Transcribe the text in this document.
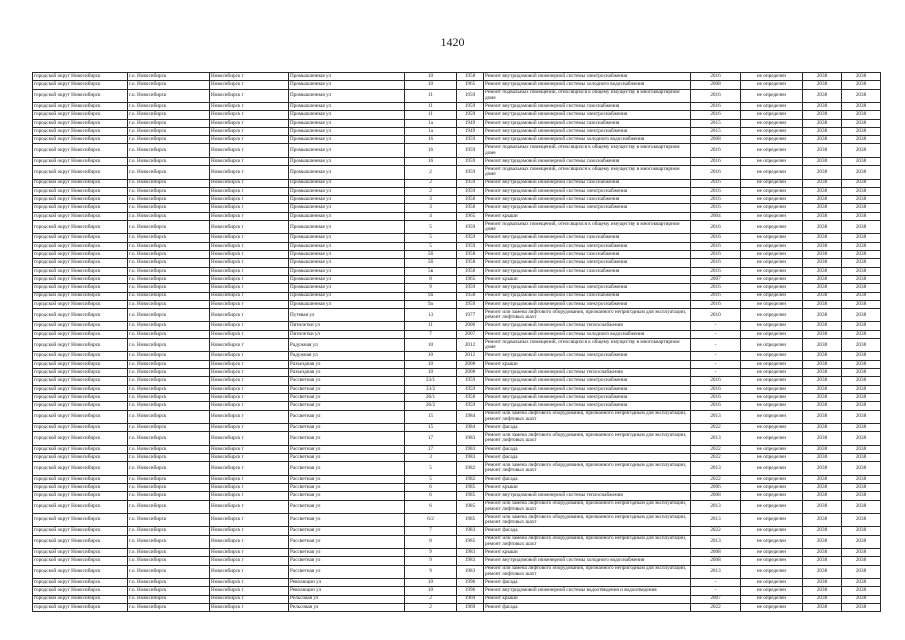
1420
городской округ Новосибирск	г.о. Новосибирск	Новосибирск г	Промышленная ул	10	1958	Ремонт внутридомовой инженерной системы электроснабжения	2016	не определен	2038	2038
городской округ Новосибирск	г.о. Новосибирск	Новосибирск г	Промышленная ул	10	1965	Ремонт внутридомовой инженерной системы холодного водоснабжения	2008	не определен	2038	2038
городской округ Новосибирск	г.о. Новосибирск	Новосибирск г	Промышленная ул	11	1959	Ремонт подвальных помещений, относящихся к общему имуществу в многоквартирном доме	2016	не определен	2038	2038
городской округ Новосибирск	г.о. Новосибирск	Новосибирск г	Промышленная ул	11	1959	Ремонт внутридомовой инженерной системы газоснабжения	2016	не определен	2038	2038
городской округ Новосибирск	г.о. Новосибирск	Новосибирск г	Промышленная ул	11	1959	Ремонт внутридомовой инженерной системы электроснабжения	2016	не определен	2038	2038
городской округ Новосибирск	г.о. Новосибирск	Новосибирск г	Промышленная ул	1а	1949	Ремонт внутридомовой инженерной системы газоснабжения	2015	не определен	2038	2038
городской округ Новосибирск	г.о. Новосибирск	Новосибирск г	Промышленная ул	1а	1949	Ремонт внутридомовой инженерной системы электроснабжения	2015	не определен	2038	2038
городской округ Новосибирск	г.о. Новосибирск	Новосибирск г	Промышленная ул	16	1959	Ремонт внутридомовой инженерной системы холодного водоснабжения	2008	не определен	2038	2038
городской округ Новосибирск	г.о. Новосибирск	Новосибирск г	Промышленная ул	16	1959	Ремонт подвальных помещений, относящихся к общему имуществу в многоквартирном доме	2016	не определен	2038	2038
городской округ Новосибирск	г.о. Новосибирск	Новосибирск г	Промышленная ул	16	1959	Ремонт внутридомовой инженерной системы газоснабжения	2016	не определен	2038	2038
городской округ Новосибирск	г.о. Новосибирск	Новосибирск г	Промышленная ул	2	1959	Ремонт подвальных помещений, относящихся к общему имуществу в многоквартирном доме	2016	не определен	2038	2038
городской округ Новосибирск	г.о. Новосибирск	Новосибирск г	Промышленная ул	2	1959	Ремонт внутридомовой инженерной системы газоснабжения	2016	не определен	2038	2038
городской округ Новосибирск	г.о. Новосибирск	Новосибирск г	Промышленная ул	2	1959	Ремонт внутридомовой инженерной системы электроснабжения	2016	не определен	2038	2038
городской округ Новосибирск	г.о. Новосибирск	Новосибирск г	Промышленная ул	3	1958	Ремонт внутридомовой инженерной системы газоснабжения	2016	не определен	2038	2038
городской округ Новосибирск	г.о. Новосибирск	Новосибирск г	Промышленная ул	3	1958	Ремонт внутридомовой инженерной системы электроснабжения	2016	не определен	2038	2038
городской округ Новосибирск	г.о. Новосибирск	Новосибирск г	Промышленная ул	4	1965	Ремонт крыши	2004	не определен	2038	2038
городской округ Новосибирск	г.о. Новосибирск	Новосибирск г	Промышленная ул	5	1959	Ремонт подвальных помещений, относящихся к общему имуществу в многоквартирном доме	2016	не определен	2038	2038
городской округ Новосибирск	г.о. Новосибирск	Новосибирск г	Промышленная ул	5	1959	Ремонт внутридомовой инженерной системы газоснабжения	2016	не определен	2038	2038
городской округ Новосибирск	г.о. Новосибирск	Новосибирск г	Промышленная ул	5	1959	Ремонт внутридомовой инженерной системы электроснабжения	2016	не определен	2038	2038
городской округ Новосибирск	г.о. Новосибирск	Новосибирск г	Промышленная ул	5б	1958	Ремонт внутридомовой инженерной системы газоснабжения	2016	не определен	2038	2038
городской округ Новосибирск	г.о. Новосибирск	Новосибирск г	Промышленная ул	5б	1958	Ремонт внутридомовой инженерной системы электроснабжения	2016	не определен	2038	2038
городской округ Новосибирск	г.о. Новосибирск	Новосибирск г	Промышленная ул	5в	1958	Ремонт внутридомовой инженерной системы газоснабжения	2016	не определен	2038	2038
городской округ Новосибирск	г.о. Новосибирск	Новосибирск г	Промышленная ул	8	1965	Ремонт крыши	2007	не определен	2038	2038
городской округ Новосибирск	г.о. Новосибирск	Новосибирск г	Промышленная ул	9	1959	Ремонт внутридомовой инженерной системы электроснабжения	2016	не определен	2038	2038
городской округ Новосибирск	г.о. Новосибирск	Новосибирск г	Промышленная ул	9а	1958	Ремонт внутридомовой инженерной системы газоснабжения	2016	не определен	2038	2038
городской округ Новосибирск	г.о. Новосибирск	Новосибирск г	Промышленная ул	9а	1959	Ремонт внутридомовой инженерной системы электроснабжения	2016	не определен	2038	2038
городской округ Новосибирск	г.о. Новосибирск	Новосибирск г	Путевая ул	13	1977	Ремонт или замена лифтового оборудования, признанного непригодным для эксплуатации, ремонт лифтовых шахт	2010	не определен	2038	2038
городской округ Новосибирск	г.о. Новосибирск	Новосибирск г	Пятилетки ул	11	2006	Ремонт внутридомовой инженерной системы теплоснабжения	-	не определен	2038	2038
городской округ Новосибирск	г.о. Новосибирск	Новосибирск г	Пятилетки ул	7	2007	Ремонт внутридомовой инженерной системы холодного водоснабжения	-	не определен	2038	2038
городской округ Новосибирск	г.о. Новосибирск	Новосибирск г	Радужная ул	10	2012	Ремонт подвальных помещений, относящихся к общему имуществу в многоквартирном доме	-	не определен	2038	2038
городской округ Новосибирск	г.о. Новосибирск	Новосибирск г	Радужная ул	10	2012	Ремонт внутридомовой инженерной системы электроснабжения	-	не определен	2038	2038
городской округ Новосибирск	г.о. Новосибирск	Новосибирск г	Разъездная ул	10	2008	Ремонт крыши	-	не определен	2038	2038
городской округ Новосибирск	г.о. Новосибирск	Новосибирск г	Разъездная ул	10	2008	Ремонт внутридомовой инженерной системы теплоснабжения	-	не определен	2038	2038
городской округ Новосибирск	г.о. Новосибирск	Новосибирск г	Рассветная ул	33/1	1959	Ремонт внутридомовой инженерной системы электроснабжения	2016	не определен	2038	2038
городской округ Новосибирск	г.о. Новосибирск	Новосибирск г	Рассветная ул	33/2	1959	Ремонт внутридомовой инженерной системы электроснабжения	2016	не определен	2038	2038
городской округ Новосибирск	г.о. Новосибирск	Новосибирск г	Рассветная ул	36/1	1958	Ремонт внутридомовой инженерной системы электроснабжения	2016	не определен	2038	2038
городской округ Новосибирск	г.о. Новосибирск	Новосибирск г	Рассветная ул	36/2	1959	Ремонт внутридомовой инженерной системы электроснабжения	2016	не определен	2038	2038
городской округ Новосибирск	г.о. Новосибирск	Новосибирск г	Рассветная ул	15	1984	Ремонт или замена лифтового оборудования, признанного непригодным для эксплуатации, ремонт лифтовых шахт	2013	не определен	2038	2038
городской округ Новосибирск	г.о. Новосибирск	Новосибирск г	Рассветная ул	15	1984	Ремонт фасада	2022	не определен	2038	2038
городской округ Новосибирск	г.о. Новосибирск	Новосибирск г	Рассветная ул	17	1983	Ремонт или замена лифтового оборудования, признанного непригодным для эксплуатации, ремонт лифтовых шахт	2013	не определен	2038	2038
городской округ Новосибирск	г.о. Новосибирск	Новосибирск г	Рассветная ул	17	1983	Ремонт фасада	2022	не определен	2038	2038
городской округ Новосибирск	г.о. Новосибирск	Новосибирск г	Рассветная ул	3	1983	Ремонт фасада	2022	не определен	2038	2038
городской округ Новосибирск	г.о. Новосибирск	Новосибирск г	Рассветная ул	5	1982	Ремонт или замена лифтового оборудования, признанного непригодным для эксплуатации, ремонт лифтовых шахт	2013	не определен	2038	2038
городской округ Новосибирск	г.о. Новосибирск	Новосибирск г	Рассветная ул	5	1982	Ремонт фасада	2022	не определен	2038	2038
городской округ Новосибирск	г.о. Новосибирск	Новосибирск г	Рассветная ул	6	1985	Ремонт крыши	2006	не определен	2038	2038
городской округ Новосибирск	г.о. Новосибирск	Новосибирск г	Рассветная ул	6	1985	Ремонт внутридомовой инженерной системы теплоснабжения	2008	не определен	2038	2038
городской округ Новосибирск	г.о. Новосибирск	Новосибирск г	Рассветная ул	6	1985	Ремонт или замена лифтового оборудования, признанного непригодным для эксплуатации, ремонт лифтовых шахт	2013	не определен	2038	2038
городской округ Новосибирск	г.о. Новосибирск	Новосибирск г	Рассветная ул	6/2	1985	Ремонт или замена лифтового оборудования, признанного непригодным для эксплуатации, ремонт лифтовых шахт	2013	не определен	2038	2038
городской округ Новосибирск	г.о. Новосибирск	Новосибирск г	Рассветная ул	7	1983	Ремонт фасада	2022	не определен	2038	2038
городской округ Новосибирск	г.о. Новосибирск	Новосибирск г	Рассветная ул	8	1985	Ремонт или замена лифтового оборудования, признанного непригодным для эксплуатации, ремонт лифтовых шахт	2013	не определен	2038	2038
городской округ Новосибирск	г.о. Новосибирск	Новосибирск г	Рассветная ул	9	1983	Ремонт крыши	2008	не определен	2038	2038
городской округ Новосибирск	г.о. Новосибирск	Новосибирск г	Рассветная ул	9	1983	Ремонт внутридомовой инженерной системы холодного водоснабжения	2008	не определен	2038	2038
городской округ Новосибирск	г.о. Новосибирск	Новосибирск г	Рассветная ул	9	1983	Ремонт или замена лифтового оборудования, признанного непригодным для эксплуатации, ремонт лифтовых шахт	2013	не определен	2038	2038
городской округ Новосибирск	г.о. Новосибирск	Новосибирск г	Революции ул	10	1996	Ремонт фасада	-	не определен	2038	2038
городской округ Новосибирск	г.о. Новосибирск	Новосибирск г	Революции ул	10	1996	Ремонт внутридомовой инженерной системы водоотведения и водоотведения	-	не определен	2038	2038
городской округ Новосибирск	г.о. Новосибирск	Новосибирск г	Рельсовая ул	2	1969	Ремонт крыши	2007	не определен	2038	2038
городской округ Новосибирск	г.о. Новосибирск	Новосибирск г	Рельсовая ул	2	1969	Ремонт фасада	2022	не определен	2038	2038
